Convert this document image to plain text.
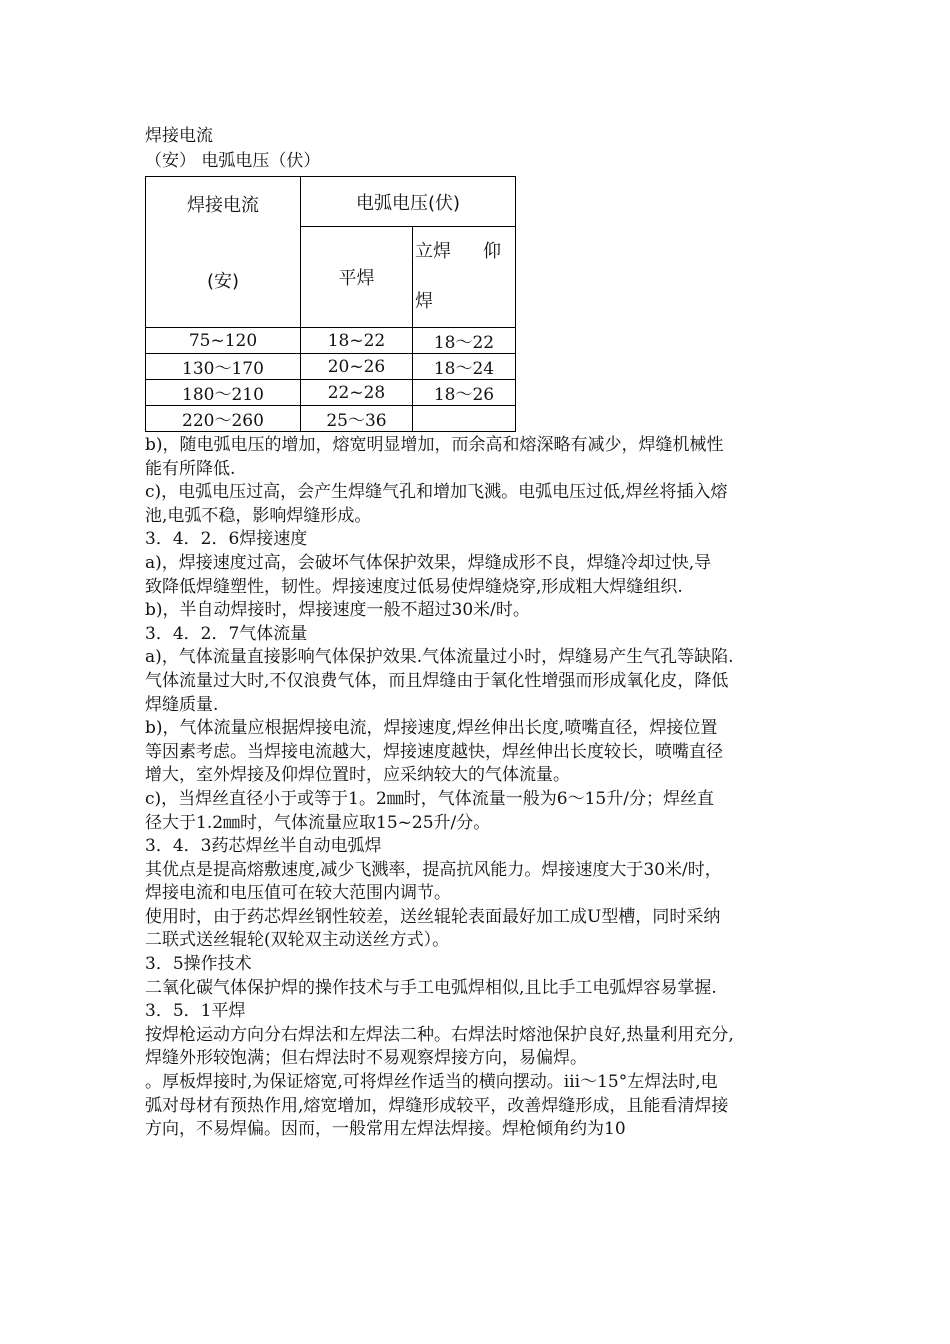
焊接电流

（安） 电弧电压（伏）

焊接电流
(安)	电弧电压(伏)	
	平焊	立焊 仰
焊

75~120	18~22	18～22
130～170	20~26	18～24
180～210	22~28	18～26
220～260	25～36	

b)，随电弧电压的增加，熔宽明显增加，而余高和熔深略有减少，焊缝机械性

能有所降低.

c)，电弧电压过高，会产生焊缝气孔和增加飞溅。电弧电压过低,焊丝将插入熔

池,电弧不稳，影响焊缝形成。

3．4．2．6焊接速度

a)，焊接速度过高，会破坏气体保护效果，焊缝成形不良，焊缝冷却过快,导

致降低焊缝塑性，韧性。焊接速度过低易使焊缝烧穿,形成粗大焊缝组织.

b)，半自动焊接时，焊接速度一般不超过30米/时。

3．4．2．7气体流量

a)，气体流量直接影响气体保护效果.气体流量过小时，焊缝易产生气孔等缺陷.

气体流量过大时,不仅浪费气体，而且焊缝由于氧化性增强而形成氧化皮，降低

焊缝质量.

b)，气体流量应根据焊接电流，焊接速度,焊丝伸出长度,喷嘴直径，焊接位置

等因素考虑。当焊接电流越大，焊接速度越快，焊丝伸出长度较长，喷嘴直径

增大，室外焊接及仰焊位置时，应采纳较大的气体流量。

c)，当焊丝直径小于或等于1。2㎜时，气体流量一般为6～15升/分；焊丝直

径大于1.2㎜时，气体流量应取15~25升/分。

3．4．3药芯焊丝半自动电弧焊

其优点是提高熔敷速度,减少飞溅率，提高抗风能力。焊接速度大于30米/时，

焊接电流和电压值可在较大范围内调节。

使用时，由于药芯焊丝钢性较差，送丝辊轮表面最好加工成U型槽，同时采纳

二联式送丝辊轮(双轮双主动送丝方式）。

3．5操作技术

二氧化碳气体保护焊的操作技术与手工电弧焊相似,且比手工电弧焊容易掌握.

3．5．1平焊

按焊枪运动方向分右焊法和左焊法二种。右焊法时熔池保护良好,热量利用充分,

焊缝外形较饱满；但右焊法时不易观察焊接方向，易偏焊。

。厚板焊接时,为保证熔宽,可将焊丝作适当的横向摆动。ⅲ～15°左焊法时,电

弧对母材有预热作用,熔宽增加，焊缝形成较平，改善焊缝形成，且能看清焊接

方向，不易焊偏。因而，一般常用左焊法焊接。焊枪倾角约为10
